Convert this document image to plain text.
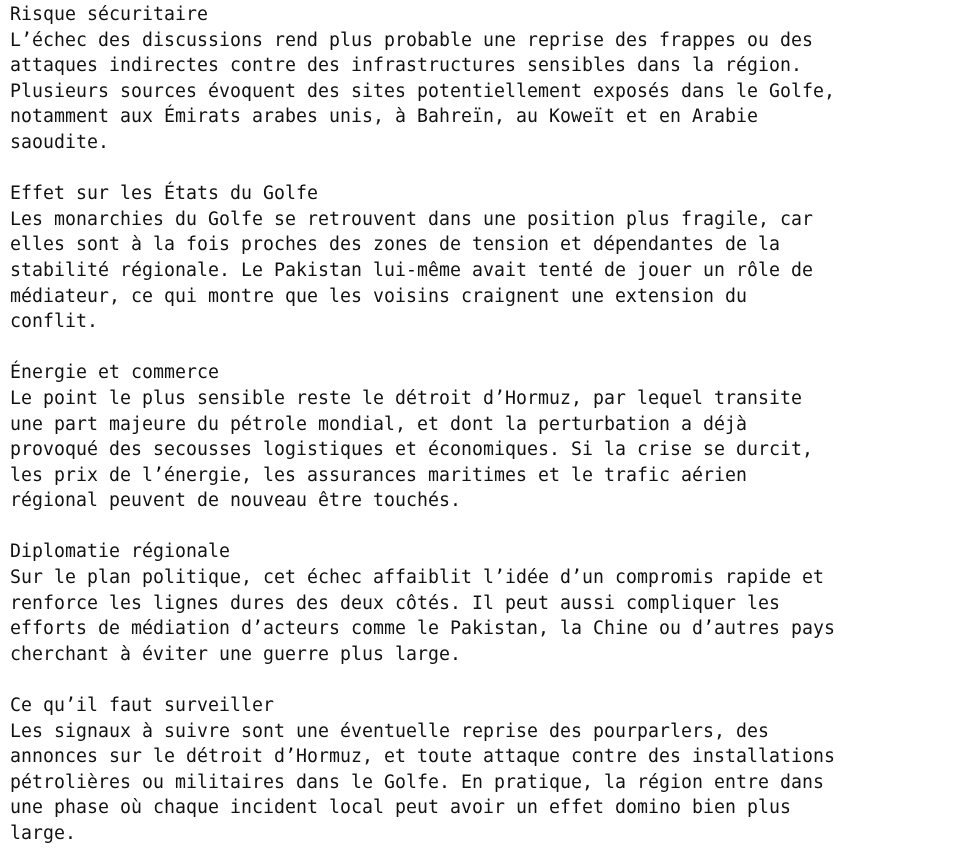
Risque sécuritaire
L’échec des discussions rend plus probable une reprise des frappes ou des
attaques indirectes contre des infrastructures sensibles dans la région.
Plusieurs sources évoquent des sites potentiellement exposés dans le Golfe,
notamment aux Émirats arabes unis, à Bahreïn, au Koweït et en Arabie
saoudite.
Effet sur les États du Golfe
Les monarchies du Golfe se retrouvent dans une position plus fragile, car
elles sont à la fois proches des zones de tension et dépendantes de la
stabilité régionale. Le Pakistan lui-même avait tenté de jouer un rôle de
médiateur, ce qui montre que les voisins craignent une extension du
conflit.
Énergie et commerce
Le point le plus sensible reste le détroit d’Hormuz, par lequel transite
une part majeure du pétrole mondial, et dont la perturbation a déjà
provoqué des secousses logistiques et économiques. Si la crise se durcit,
les prix de l’énergie, les assurances maritimes et le trafic aérien
régional peuvent de nouveau être touchés.
Diplomatie régionale
Sur le plan politique, cet échec affaiblit l’idée d’un compromis rapide et
renforce les lignes dures des deux côtés. Il peut aussi compliquer les
efforts de médiation d’acteurs comme le Pakistan, la Chine ou d’autres pays
cherchant à éviter une guerre plus large.
Ce qu’il faut surveiller
Les signaux à suivre sont une éventuelle reprise des pourparlers, des
annonces sur le détroit d’Hormuz, et toute attaque contre des installations
pétrolières ou militaires dans le Golfe. En pratique, la région entre dans
une phase où chaque incident local peut avoir un effet domino bien plus
large.
